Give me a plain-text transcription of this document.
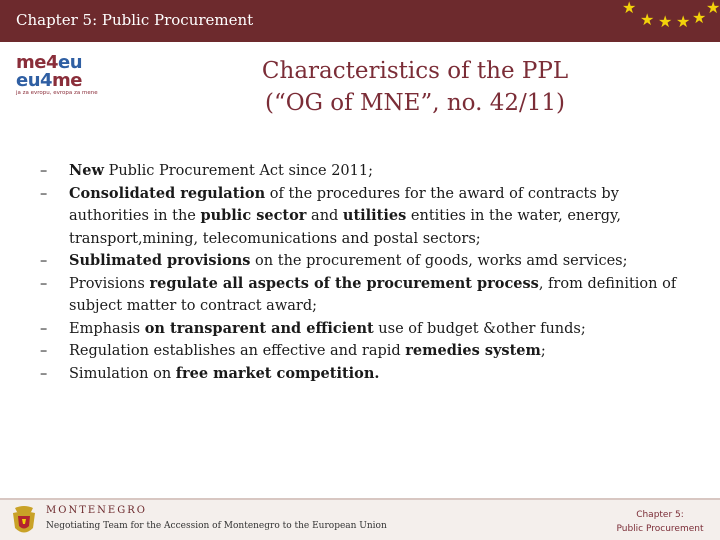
Chapter 5: Public Procurement
★
★ ★ ★ ★
★
me4eu
eu4me
ja za evropu, evropa za mene
Characteristics of the PPL
(“OG of MNE”, no. 42/11)
– New Public Procurement Act since 2011;
– Consolidated regulation of the procedures for the award of contracts by authorities in the public sector and utilities entities in the water, energy, transport,mining, telecomunications and postal sectors;
– Sublimated provisions on the procurement of goods, works amd services;
– Provisions regulate all aspects of the procurement process, from definition of subject matter to contract award;
– Emphasis on transparent and efficient use of budget &other funds;
– Regulation establishes an effective and rapid remedies system;
– Simulation on free market competition.
MONTENEGRO
Negotiating Team for the Accession of Montenegro to the European Union
Chapter 5:
Public Procurement
